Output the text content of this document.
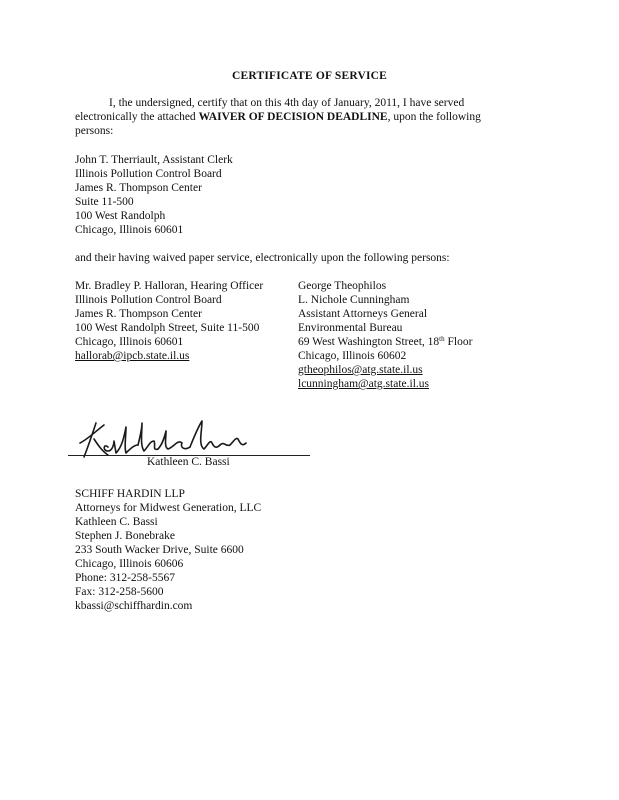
CERTIFICATE OF SERVICE
I, the undersigned, certify that on this 4th day of January, 2011, I have served electronically the attached WAIVER OF DECISION DEADLINE, upon the following persons:
John T. Therriault, Assistant Clerk
Illinois Pollution Control Board
James R. Thompson Center
Suite 11-500
100 West Randolph
Chicago, Illinois 60601
and their having waived paper service, electronically upon the following persons:
Mr. Bradley P. Halloran, Hearing Officer
Illinois Pollution Control Board
James R. Thompson Center
100 West Randolph Street, Suite 11-500
Chicago, Illinois 60601
hallorab@ipcb.state.il.us
George Theophilos
L. Nichole Cunningham
Assistant Attorneys General
Environmental Bureau
69 West Washington Street, 18th Floor
Chicago, Illinois 60602
gtheophilos@atg.state.il.us
lcunningham@atg.state.il.us
Kathleen C. Bassi
SCHIFF HARDIN LLP
Attorneys for Midwest Generation, LLC
Kathleen C. Bassi
Stephen J. Bonebrake
233 South Wacker Drive, Suite 6600
Chicago, Illinois 60606
Phone: 312-258-5567
Fax: 312-258-5600
kbassi@schiffhardin.com
